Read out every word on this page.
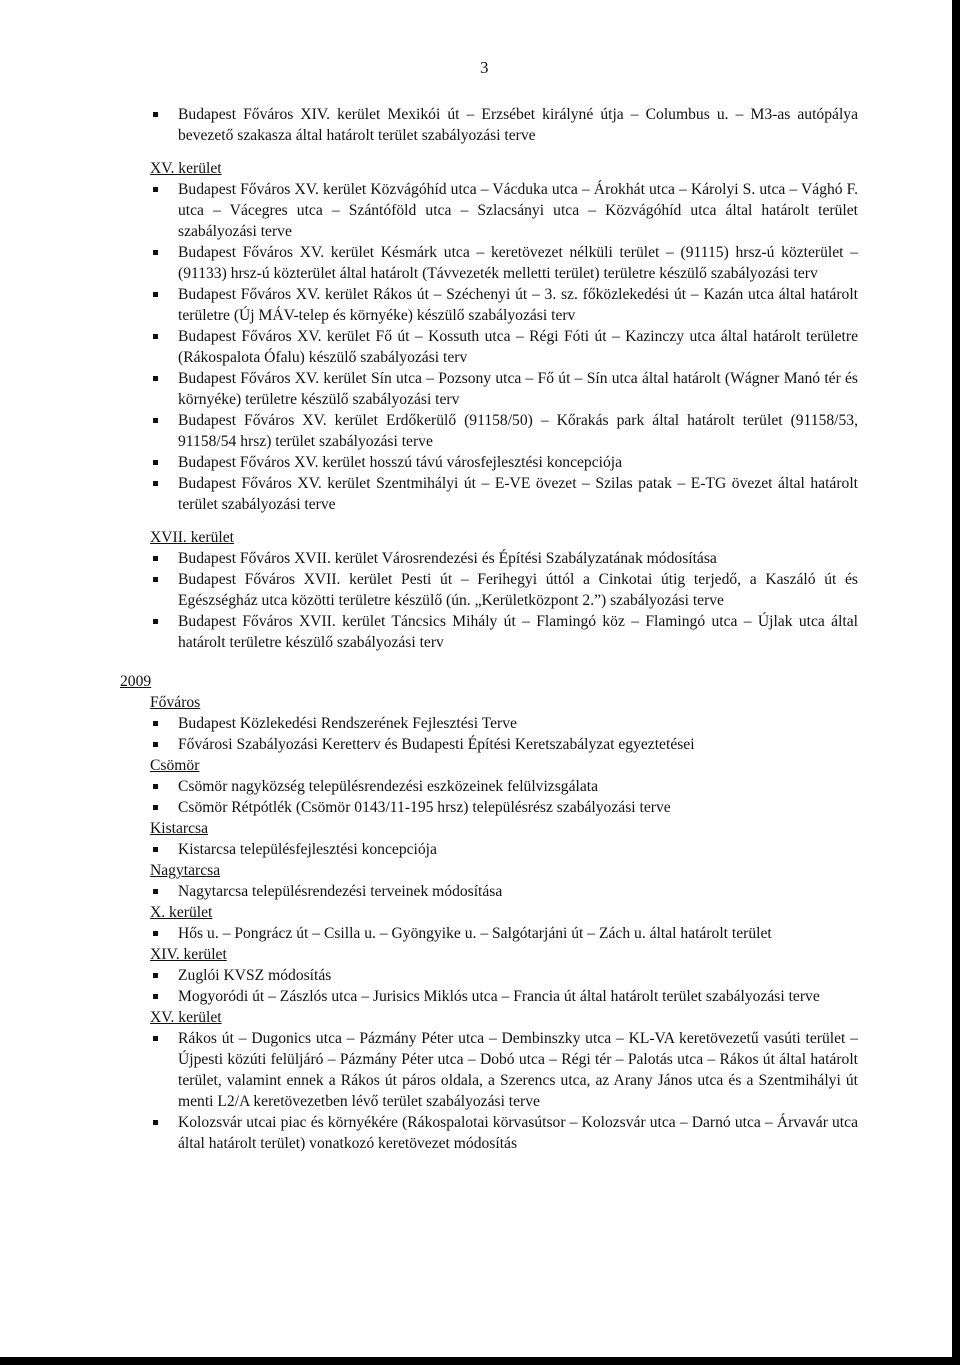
3
Budapest Főváros XIV. kerület Mexikói út – Erzsébet királyné útja – Columbus u. – M3-as autópálya bevezető szakasza által határolt terület szabályozási terve
XV. kerület
Budapest Főváros XV. kerület Közvágóhíd utca – Vácduka utca – Árokhát utca – Károlyi S. utca – Vághó F. utca – Vácegres utca – Szántóföld utca – Szlacsányi utca – Közvágóhíd utca által határolt terület szabályozási terve
Budapest Főváros XV. kerület Késmárk utca – keretövezet nélküli terület – (91115) hrsz-ú közterület – (91133) hrsz-ú közterület által határolt (Távvezeték melletti terület) területre készülő szabályozási terv
Budapest Főváros XV. kerület Rákos út – Széchenyi út – 3. sz. főközlekedési út – Kazán utca által határolt területre (Új MÁV-telep és környéke) készülő szabályozási terv
Budapest Főváros XV. kerület Fő út – Kossuth utca – Régi Fóti út – Kazinczy utca által határolt területre (Rákospalota Ófalu) készülő szabályozási terv
Budapest Főváros XV. kerület Sín utca – Pozsony utca – Fő út – Sín utca által határolt (Wágner Manó tér és környéke) területre készülő szabályozási terv
Budapest Főváros XV. kerület Erdőkerülő (91158/50) – Kőrakás park által határolt terület (91158/53, 91158/54 hrsz) terület szabályozási terve
Budapest Főváros XV. kerület hosszú távú városfejlesztési koncepciója
Budapest Főváros XV. kerület Szentmihályi út – E-VE övezet – Szilas patak – E-TG övezet által határolt terület szabályozási terve
XVII. kerület
Budapest Főváros XVII. kerület Városrendezési és Építési Szabályzatának módosítása
Budapest Főváros XVII. kerület Pesti út – Ferihegyi úttól a Cinkotai útig terjedő, a Kaszáló út és Egészségház utca közötti területre készülő (ún. „Kerületközpont 2.”) szabályozási terve
Budapest Főváros XVII. kerület Táncsics Mihály út – Flamingó köz – Flamingó utca – Újlak utca által határolt területre készülő szabályozási terv
2009
Főváros
Budapest Közlekedési Rendszerének Fejlesztési Terve
Fővárosi Szabályozási Keretterv és Budapesti Építési Keretszabályzat egyeztetései
Csömör
Csömör nagyközség településrendezési eszközeinek felülvizsgálata
Csömör Rétpótlék (Csömör 0143/11-195 hrsz) településrész szabályozási terve
Kistarcsa
Kistarcsa településfejlesztési koncepciója
Nagytarcsa
Nagytarcsa településrendezési terveinek módosítása
X. kerület
Hős u. – Pongrácz út – Csilla u. – Gyöngyike u. – Salgótarjáni út – Zách u. által határolt terület
XIV. kerület
Zuglói KVSZ módosítás
Mogyoródi út – Zászlós utca – Jurisics Miklós utca – Francia út által határolt terület szabályozási terve
XV. kerület
Rákos út – Dugonics utca – Pázmány Péter utca – Dembinszky utca – KL-VA keretövezetű vasúti terület – Újpesti közúti felüljáró – Pázmány Péter utca – Dobó utca – Régi tér – Palotás utca – Rákos út által határolt terület, valamint ennek a Rákos út páros oldala, a Szerencs utca, az Arany János utca és a Szentmihályi út menti L2/A keretövezetben lévő terület szabályozási terve
Kolozsvár utcai piac és környékére (Rákospalotai körvasútsor – Kolozsvár utca – Darnó utca – Árvavár utca által határolt terület) vonatkozó keretövezet módosítás
